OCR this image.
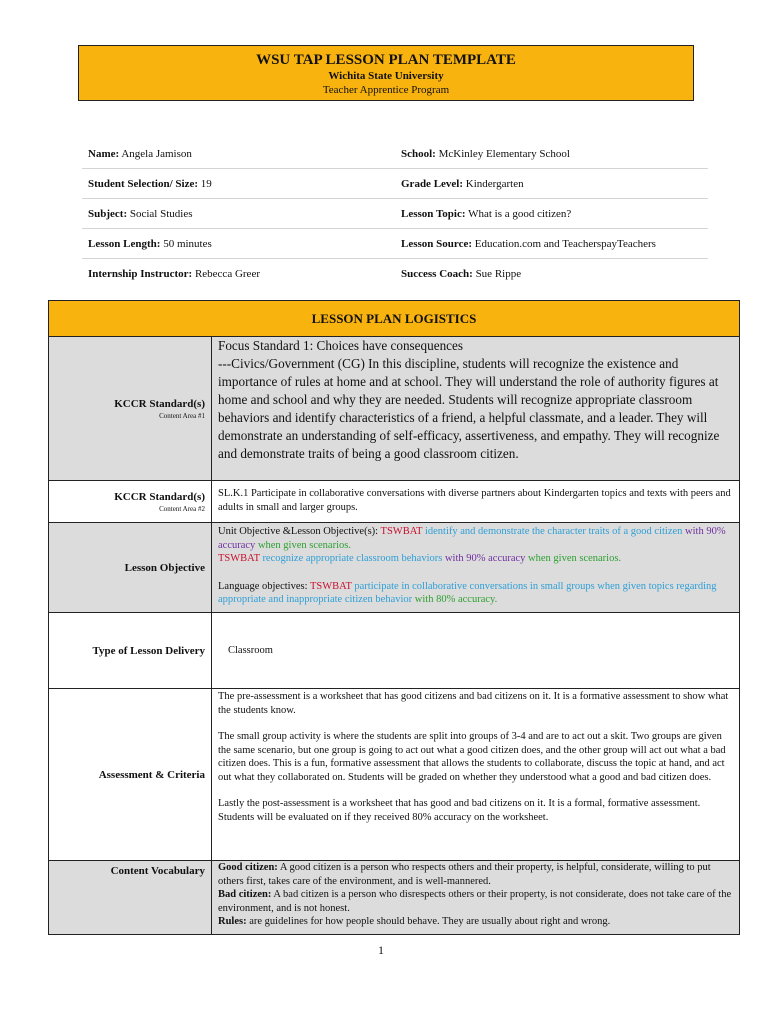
WSU TAP LESSON PLAN TEMPLATE
Wichita State University
Teacher Apprentice Program
Name: Angela Jamison	School: McKinley Elementary School
Student Selection/ Size: 19	Grade Level: Kindergarten
Subject: Social Studies	Lesson Topic: What is a good citizen?
Lesson Length: 50 minutes	Lesson Source: Education.com and TeacherspayTeachers
Internship Instructor: Rebecca Greer	Success Coach: Sue Rippe
LESSON PLAN LOGISTICS
KCCR Standard(s)
Content Area #1
Focus Standard 1: Choices have consequences
---Civics/Government (CG) In this discipline, students will recognize the existence and importance of rules at home and at school. They will understand the role of authority figures at home and school and why they are needed. Students will recognize appropriate classroom behaviors and identify characteristics of a friend, a helpful classmate, and a leader. They will demonstrate an understanding of self-efficacy, assertiveness, and empathy. They will recognize and demonstrate traits of being a good classroom citizen.
KCCR Standard(s)
Content Area #2
SL.K.1 Participate in collaborative conversations with diverse partners about Kindergarten topics and texts with peers and adults in small and larger groups.
Lesson Objective
Unit Objective &Lesson Objective(s): TSWBAT identify and demonstrate the character traits of a good citizen with 90% accuracy when given scenarios.
TSWBAT recognize appropriate classroom behaviors with 90% accuracy when given scenarios.
Language objectives: TSWBAT participate in collaborative conversations in small groups when given topics regarding appropriate and inappropriate citizen behavior with 80% accuracy.
Type of Lesson Delivery Classroom
Assessment & Criteria

The pre-assessment is a worksheet that has good citizens and bad citizens on it. It is a formative assessment to show what the students know.

The small group activity is where the students are split into groups of 3-4 and are to act out a skit. Two groups are given the same scenario, but one group is going to act out what a good citizen does, and the other group will act out what a bad citizen does. This is a fun, formative assessment that allows the students to collaborate, discuss the topic at hand, and act out what they collaborated on. Students will be graded on whether they understood what a good and bad citizen does.

Lastly the post-assessment is a worksheet that has good and bad citizens on it. It is a formal, formative assessment. Students will be evaluated on if they received 80% accuracy on the worksheet.

Content Vocabulary Good citizen: A good citizen is a person who respects others and their property, is helpful, considerate, willing to put others first, takes care of the environment, and is well-mannered.
Bad citizen: A bad citizen is a person who disrespects others or their property, is not considerate, does not take care of the environment, and is not honest.
Rules: are guidelines for how people should behave. They are usually about right and wrong.
1
